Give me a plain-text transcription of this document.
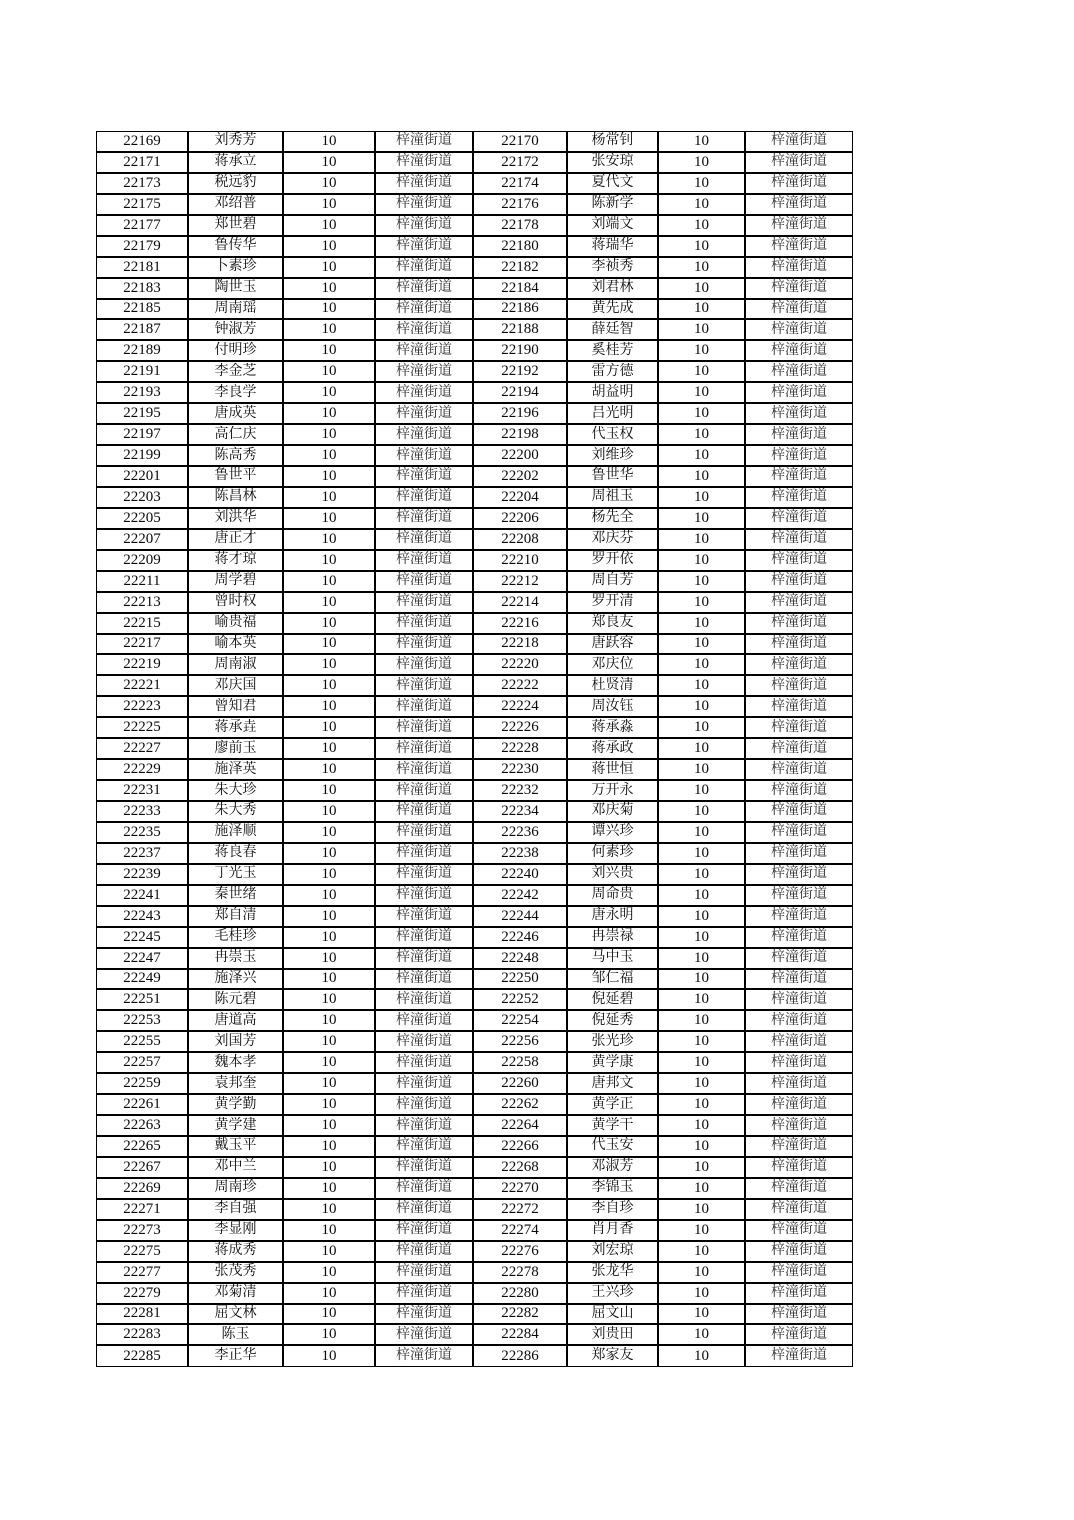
22169	刘秀芳	10	梓潼街道	22170	杨常钊	10	梓潼街道
22171	蒋承立	10	梓潼街道	22172	张安琼	10	梓潼街道
22173	税远豹	10	梓潼街道	22174	夏代文	10	梓潼街道
22175	邓绍普	10	梓潼街道	22176	陈新学	10	梓潼街道
22177	郑世碧	10	梓潼街道	22178	刘端文	10	梓潼街道
22179	鲁传华	10	梓潼街道	22180	蒋瑞华	10	梓潼街道
22181	卜素珍	10	梓潼街道	22182	李祯秀	10	梓潼街道
22183	陶世玉	10	梓潼街道	22184	刘君林	10	梓潼街道
22185	周南瑶	10	梓潼街道	22186	黄先成	10	梓潼街道
22187	钟淑芳	10	梓潼街道	22188	薛廷智	10	梓潼街道
22189	付明珍	10	梓潼街道	22190	奚桂芳	10	梓潼街道
22191	李金芝	10	梓潼街道	22192	雷方德	10	梓潼街道
22193	李良学	10	梓潼街道	22194	胡益明	10	梓潼街道
22195	唐成英	10	梓潼街道	22196	吕光明	10	梓潼街道
22197	高仁庆	10	梓潼街道	22198	代玉权	10	梓潼街道
22199	陈高秀	10	梓潼街道	22200	刘维珍	10	梓潼街道
22201	鲁世平	10	梓潼街道	22202	鲁世华	10	梓潼街道
22203	陈昌林	10	梓潼街道	22204	周祖玉	10	梓潼街道
22205	刘洪华	10	梓潼街道	22206	杨先全	10	梓潼街道
22207	唐正才	10	梓潼街道	22208	邓庆芬	10	梓潼街道
22209	蒋才琼	10	梓潼街道	22210	罗开依	10	梓潼街道
22211	周学碧	10	梓潼街道	22212	周自芳	10	梓潼街道
22213	曾时权	10	梓潼街道	22214	罗开清	10	梓潼街道
22215	喻贵福	10	梓潼街道	22216	郑良友	10	梓潼街道
22217	喻本英	10	梓潼街道	22218	唐跃容	10	梓潼街道
22219	周南淑	10	梓潼街道	22220	邓庆位	10	梓潼街道
22221	邓庆国	10	梓潼街道	22222	杜贤清	10	梓潼街道
22223	曾知君	10	梓潼街道	22224	周汝钰	10	梓潼街道
22225	蒋承垚	10	梓潼街道	22226	蒋承淼	10	梓潼街道
22227	廖前玉	10	梓潼街道	22228	蒋承政	10	梓潼街道
22229	施泽英	10	梓潼街道	22230	蒋世恒	10	梓潼街道
22231	朱大珍	10	梓潼街道	22232	万开永	10	梓潼街道
22233	朱大秀	10	梓潼街道	22234	邓庆菊	10	梓潼街道
22235	施泽顺	10	梓潼街道	22236	谭兴珍	10	梓潼街道
22237	蒋良春	10	梓潼街道	22238	何素珍	10	梓潼街道
22239	丁光玉	10	梓潼街道	22240	刘兴贵	10	梓潼街道
22241	秦世绪	10	梓潼街道	22242	周命贵	10	梓潼街道
22243	郑自清	10	梓潼街道	22244	唐永明	10	梓潼街道
22245	毛桂珍	10	梓潼街道	22246	冉崇禄	10	梓潼街道
22247	冉崇玉	10	梓潼街道	22248	马中玉	10	梓潼街道
22249	施泽兴	10	梓潼街道	22250	邹仁福	10	梓潼街道
22251	陈元碧	10	梓潼街道	22252	倪延碧	10	梓潼街道
22253	唐道高	10	梓潼街道	22254	倪延秀	10	梓潼街道
22255	刘国芳	10	梓潼街道	22256	张光珍	10	梓潼街道
22257	魏本孝	10	梓潼街道	22258	黄学康	10	梓潼街道
22259	袁邦奎	10	梓潼街道	22260	唐邦文	10	梓潼街道
22261	黄学勤	10	梓潼街道	22262	黄学正	10	梓潼街道
22263	黄学建	10	梓潼街道	22264	黄学干	10	梓潼街道
22265	戴玉平	10	梓潼街道	22266	代玉安	10	梓潼街道
22267	邓中兰	10	梓潼街道	22268	邓淑芳	10	梓潼街道
22269	周南珍	10	梓潼街道	22270	李锦玉	10	梓潼街道
22271	李自强	10	梓潼街道	22272	李自珍	10	梓潼街道
22273	李显刚	10	梓潼街道	22274	肖月香	10	梓潼街道
22275	蒋成秀	10	梓潼街道	22276	刘宏琼	10	梓潼街道
22277	张茂秀	10	梓潼街道	22278	张龙华	10	梓潼街道
22279	邓菊清	10	梓潼街道	22280	王兴珍	10	梓潼街道
22281	屈文林	10	梓潼街道	22282	屈文山	10	梓潼街道
22283	陈玉	10	梓潼街道	22284	刘贵田	10	梓潼街道
22285	李正华	10	梓潼街道	22286	郑家友	10	梓潼街道
